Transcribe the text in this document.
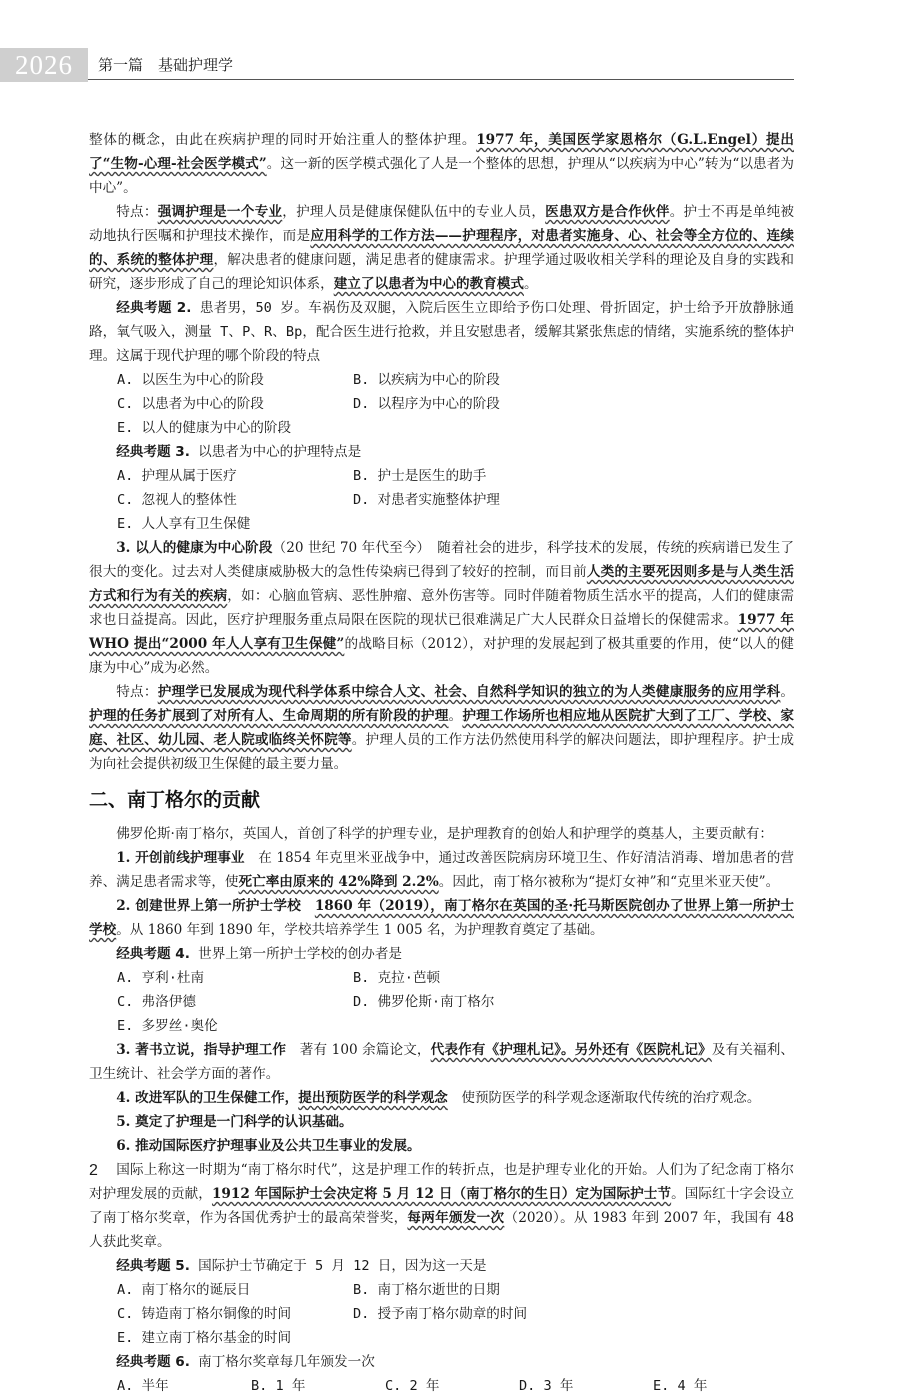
2026	第一篇　基础护理学

整体的概念，由此在疾病护理的同时开始注重人的整体护理。1977 年，美国医学家恩格尔（G.L.Engel）提出了“生物-心理-社会医学模式”。这一新的医学模式强化了人是一个整体的思想，护理从“以疾病为中心”转为“以患者为中心”。

特点：强调护理是一个专业，护理人员是健康保健队伍中的专业人员，医患双方是合作伙伴。护士不再是单纯被动地执行医嘱和护理技术操作，而是应用科学的工作方法——护理程序，对患者实施身、心、社会等全方位的、连续的、系统的整体护理，解决患者的健康问题，满足患者的健康需求。护理学通过吸收相关学科的理论及自身的实践和研究，逐步形成了自己的理论知识体系，建立了以患者为中心的教育模式。

经典考题 2. 患者男，50 岁。车祸伤及双腿，入院后医生立即给予伤口处理、骨折固定，护士给予开放静脉通路，氧气吸入，测量 T、P、R、Bp，配合医生进行抢救，并且安慰患者，缓解其紧张焦虑的情绪，实施系统的整体护理。这属于现代护理的哪个阶段的特点

A. 以医生为中心的阶段	B. 以疾病为中心的阶段
C. 以患者为中心的阶段	D. 以程序为中心的阶段
E. 以人的健康为中心的阶段

经典考题 3. 以患者为中心的护理特点是

A. 护理从属于医疗	B. 护士是医生的助手
C. 忽视人的整体性	D. 对患者实施整体护理
E. 人人享有卫生保健

3. 以人的健康为中心阶段（20 世纪 70 年代至今）　随着社会的进步，科学技术的发展，传统的疾病谱已发生了很大的变化。过去对人类健康威胁极大的急性传染病已得到了较好的控制，而目前人类的主要死因则多是与人类生活方式和行为有关的疾病，如：心脑血管病、恶性肿瘤、意外伤害等。同时伴随着物质生活水平的提高，人们的健康需求也日益提高。因此，医疗护理服务重点局限在医院的现状已很难满足广大人民群众日益增长的保健需求。1977 年 WHO 提出“2000 年人人享有卫生保健”的战略目标（2012），对护理的发展起到了极其重要的作用，使“以人的健康为中心”成为必然。

特点：护理学已发展成为现代科学体系中综合人文、社会、自然科学知识的独立的为人类健康服务的应用学科。护理的任务扩展到了对所有人、生命周期的所有阶段的护理。护理工作场所也相应地从医院扩大到了工厂、学校、家庭、社区、幼儿园、老人院或临终关怀院等。护理人员的工作方法仍然使用科学的解决问题法，即护理程序。护士成为向社会提供初级卫生保健的最主要力量。

二、南丁格尔的贡献

佛罗伦斯·南丁格尔，英国人，首创了科学的护理专业，是护理教育的创始人和护理学的奠基人，主要贡献有：

1. 开创前线护理事业　在 1854 年克里米亚战争中，通过改善医院病房环境卫生、作好清洁消毒、增加患者的营养、满足患者需求等，使死亡率由原来的 42%降到 2.2%。因此，南丁格尔被称为“提灯女神”和“克里米亚天使”。

2. 创建世界上第一所护士学校　 1860 年（2019），南丁格尔在英国的圣·托马斯医院创办了世界上第一所护士学校。从 1860 年到 1890 年，学校共培养学生 1 005 名，为护理教育奠定了基础。

经典考题 4. 世界上第一所护士学校的创办者是

A. 亨利·杜南	B. 克拉·芭顿
C. 弗洛伊德	D. 佛罗伦斯·南丁格尔
E. 多罗丝·奥伦

3. 著书立说，指导护理工作　著有 100 余篇论文，代表作有《护理札记》。另外还有《医院札记》及有关福利、卫生统计、社会学方面的著作。

4. 改进军队的卫生保健工作，提出预防医学的科学观念　使预防医学的科学观念逐渐取代传统的治疗观念。

5. 奠定了护理是一门科学的认识基础。

6. 推动国际医疗护理事业及公共卫生事业的发展。

国际上称这一时期为“南丁格尔时代”，这是护理工作的转折点，也是护理专业化的开始。人们为了纪念南丁格尔对护理发展的贡献，1912 年国际护士会决定将 5 月 12 日（南丁格尔的生日）定为国际护士节。国际红十字会设立了南丁格尔奖章，作为各国优秀护士的最高荣誉奖，每两年颁发一次（2020）。从 1983 年到 2007 年，我国有 48 人获此奖章。

经典考题 5. 国际护士节确定于 5 月 12 日，因为这一天是

A. 南丁格尔的诞辰日	B. 南丁格尔逝世的日期
C. 铸造南丁格尔铜像的时间	D. 授予南丁格尔勋章的时间
E. 建立南丁格尔基金的时间

经典考题 6. 南丁格尔奖章每几年颁发一次

A. 半年	B. 1 年	C. 2 年	D. 3 年	E. 4 年
2
